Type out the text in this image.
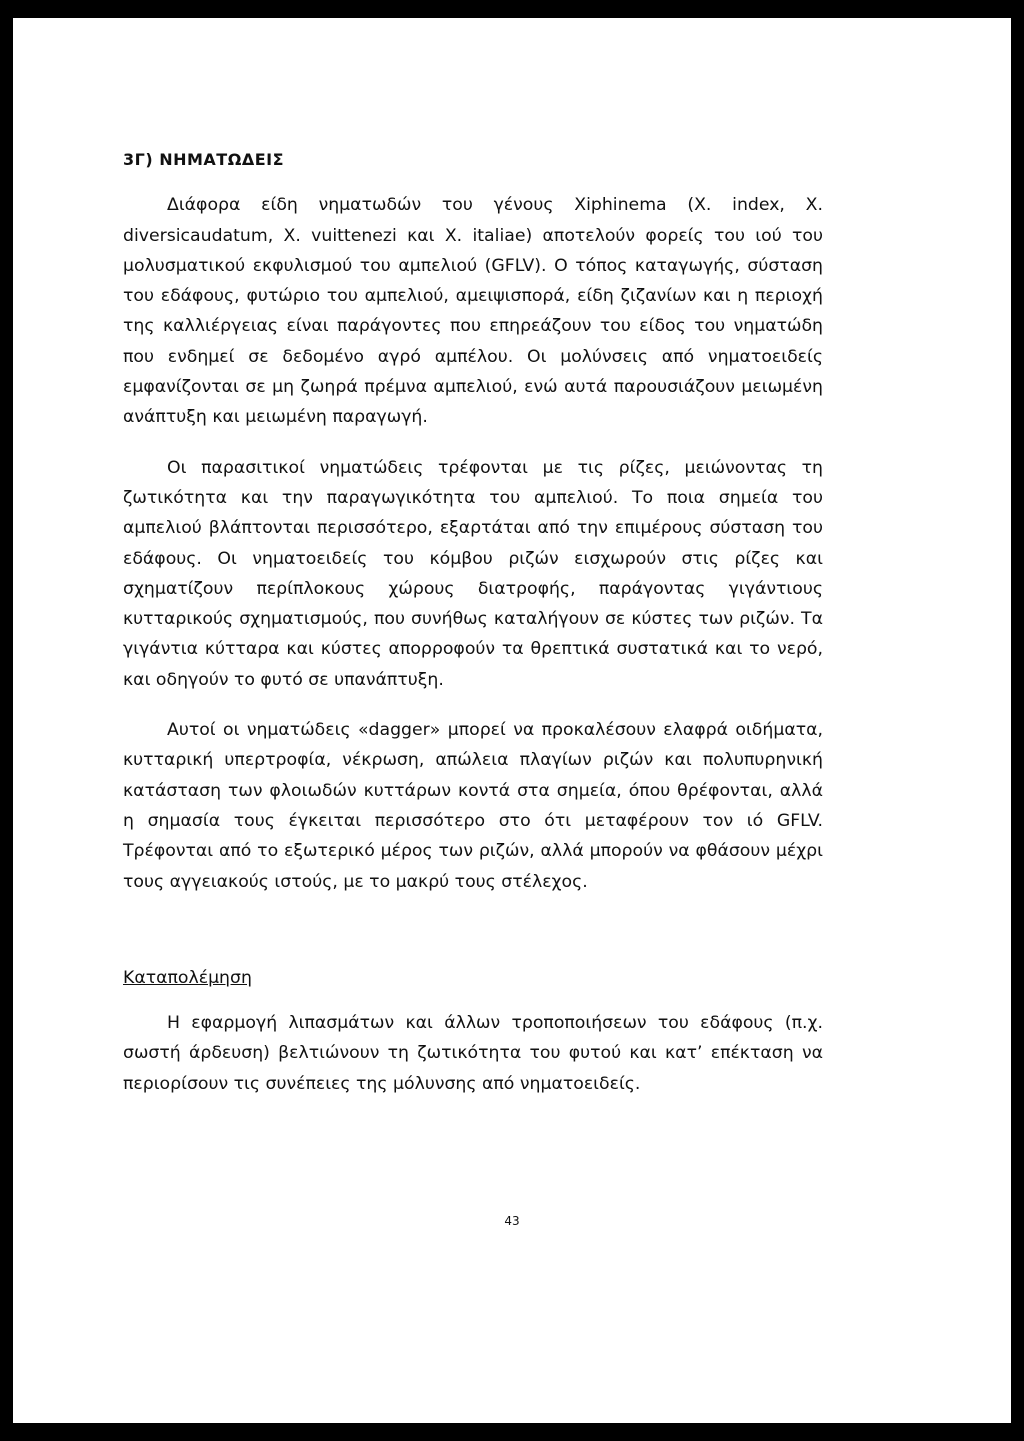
3Γ) ΝΗΜΑΤΩΔΕΙΣ

Διάφορα είδη νηματωδών του γένους Xiphinema (X. index, X. diversicaudatum, X. vuittenezi και X. italiae) αποτελούν φορείς του ιού του μολυσματικού εκφυλισμού του αμπελιού (GFLV). Ο τόπος καταγωγής, σύσταση του εδάφους, φυτώριο του αμπελιού, αμειψισπορά, είδη ζιζανίων και η περιοχή της καλλιέργειας είναι παράγοντες που επηρεάζουν του είδος του νηματώδη που ενδημεί σε δεδομένο αγρό αμπέλου. Οι μολύνσεις από νηματοειδείς εμφανίζονται σε μη ζωηρά πρέμνα αμπελιού, ενώ αυτά παρουσιάζουν μειωμένη ανάπτυξη και μειωμένη παραγωγή.

Οι παρασιτικοί νηματώδεις τρέφονται με τις ρίζες, μειώνοντας τη ζωτικότητα και την παραγωγικότητα του αμπελιού. Το ποια σημεία του αμπελιού βλάπτονται περισσότερο, εξαρτάται από την επιμέρους σύσταση του εδάφους. Οι νηματοειδείς του κόμβου ριζών εισχωρούν στις ρίζες και σχηματίζουν περίπλοκους χώρους διατροφής, παράγοντας γιγάντιους κυτταρικούς σχηματισμούς, που συνήθως καταλήγουν σε κύστες των ριζών. Τα γιγάντια κύτταρα και κύστες απορροφούν τα θρεπτικά συστατικά και το νερό, και οδηγούν το φυτό σε υπανάπτυξη.

Αυτοί οι νηματώδεις «dagger» μπορεί να προκαλέσουν ελαφρά οιδήματα, κυτταρική υπερτροφία, νέκρωση, απώλεια πλαγίων ριζών και πολυπυρηνική κατάσταση των φλοιωδών κυττάρων κοντά στα σημεία, όπου θρέφονται, αλλά η σημασία τους έγκειται περισσότερο στο ότι μεταφέρουν τον ιό GFLV. Τρέφονται από το εξωτερικό μέρος των ριζών, αλλά μπορούν να φθάσουν μέχρι τους αγγειακούς ιστούς, με το μακρύ τους στέλεχος.

Καταπολέμηση

Η εφαρμογή λιπασμάτων και άλλων τροποποιήσεων του εδάφους (π.χ. σωστή άρδευση) βελτιώνουν τη ζωτικότητα του φυτού και κατ’ επέκταση να περιορίσουν τις συνέπειες της μόλυνσης από νηματοειδείς.

43
